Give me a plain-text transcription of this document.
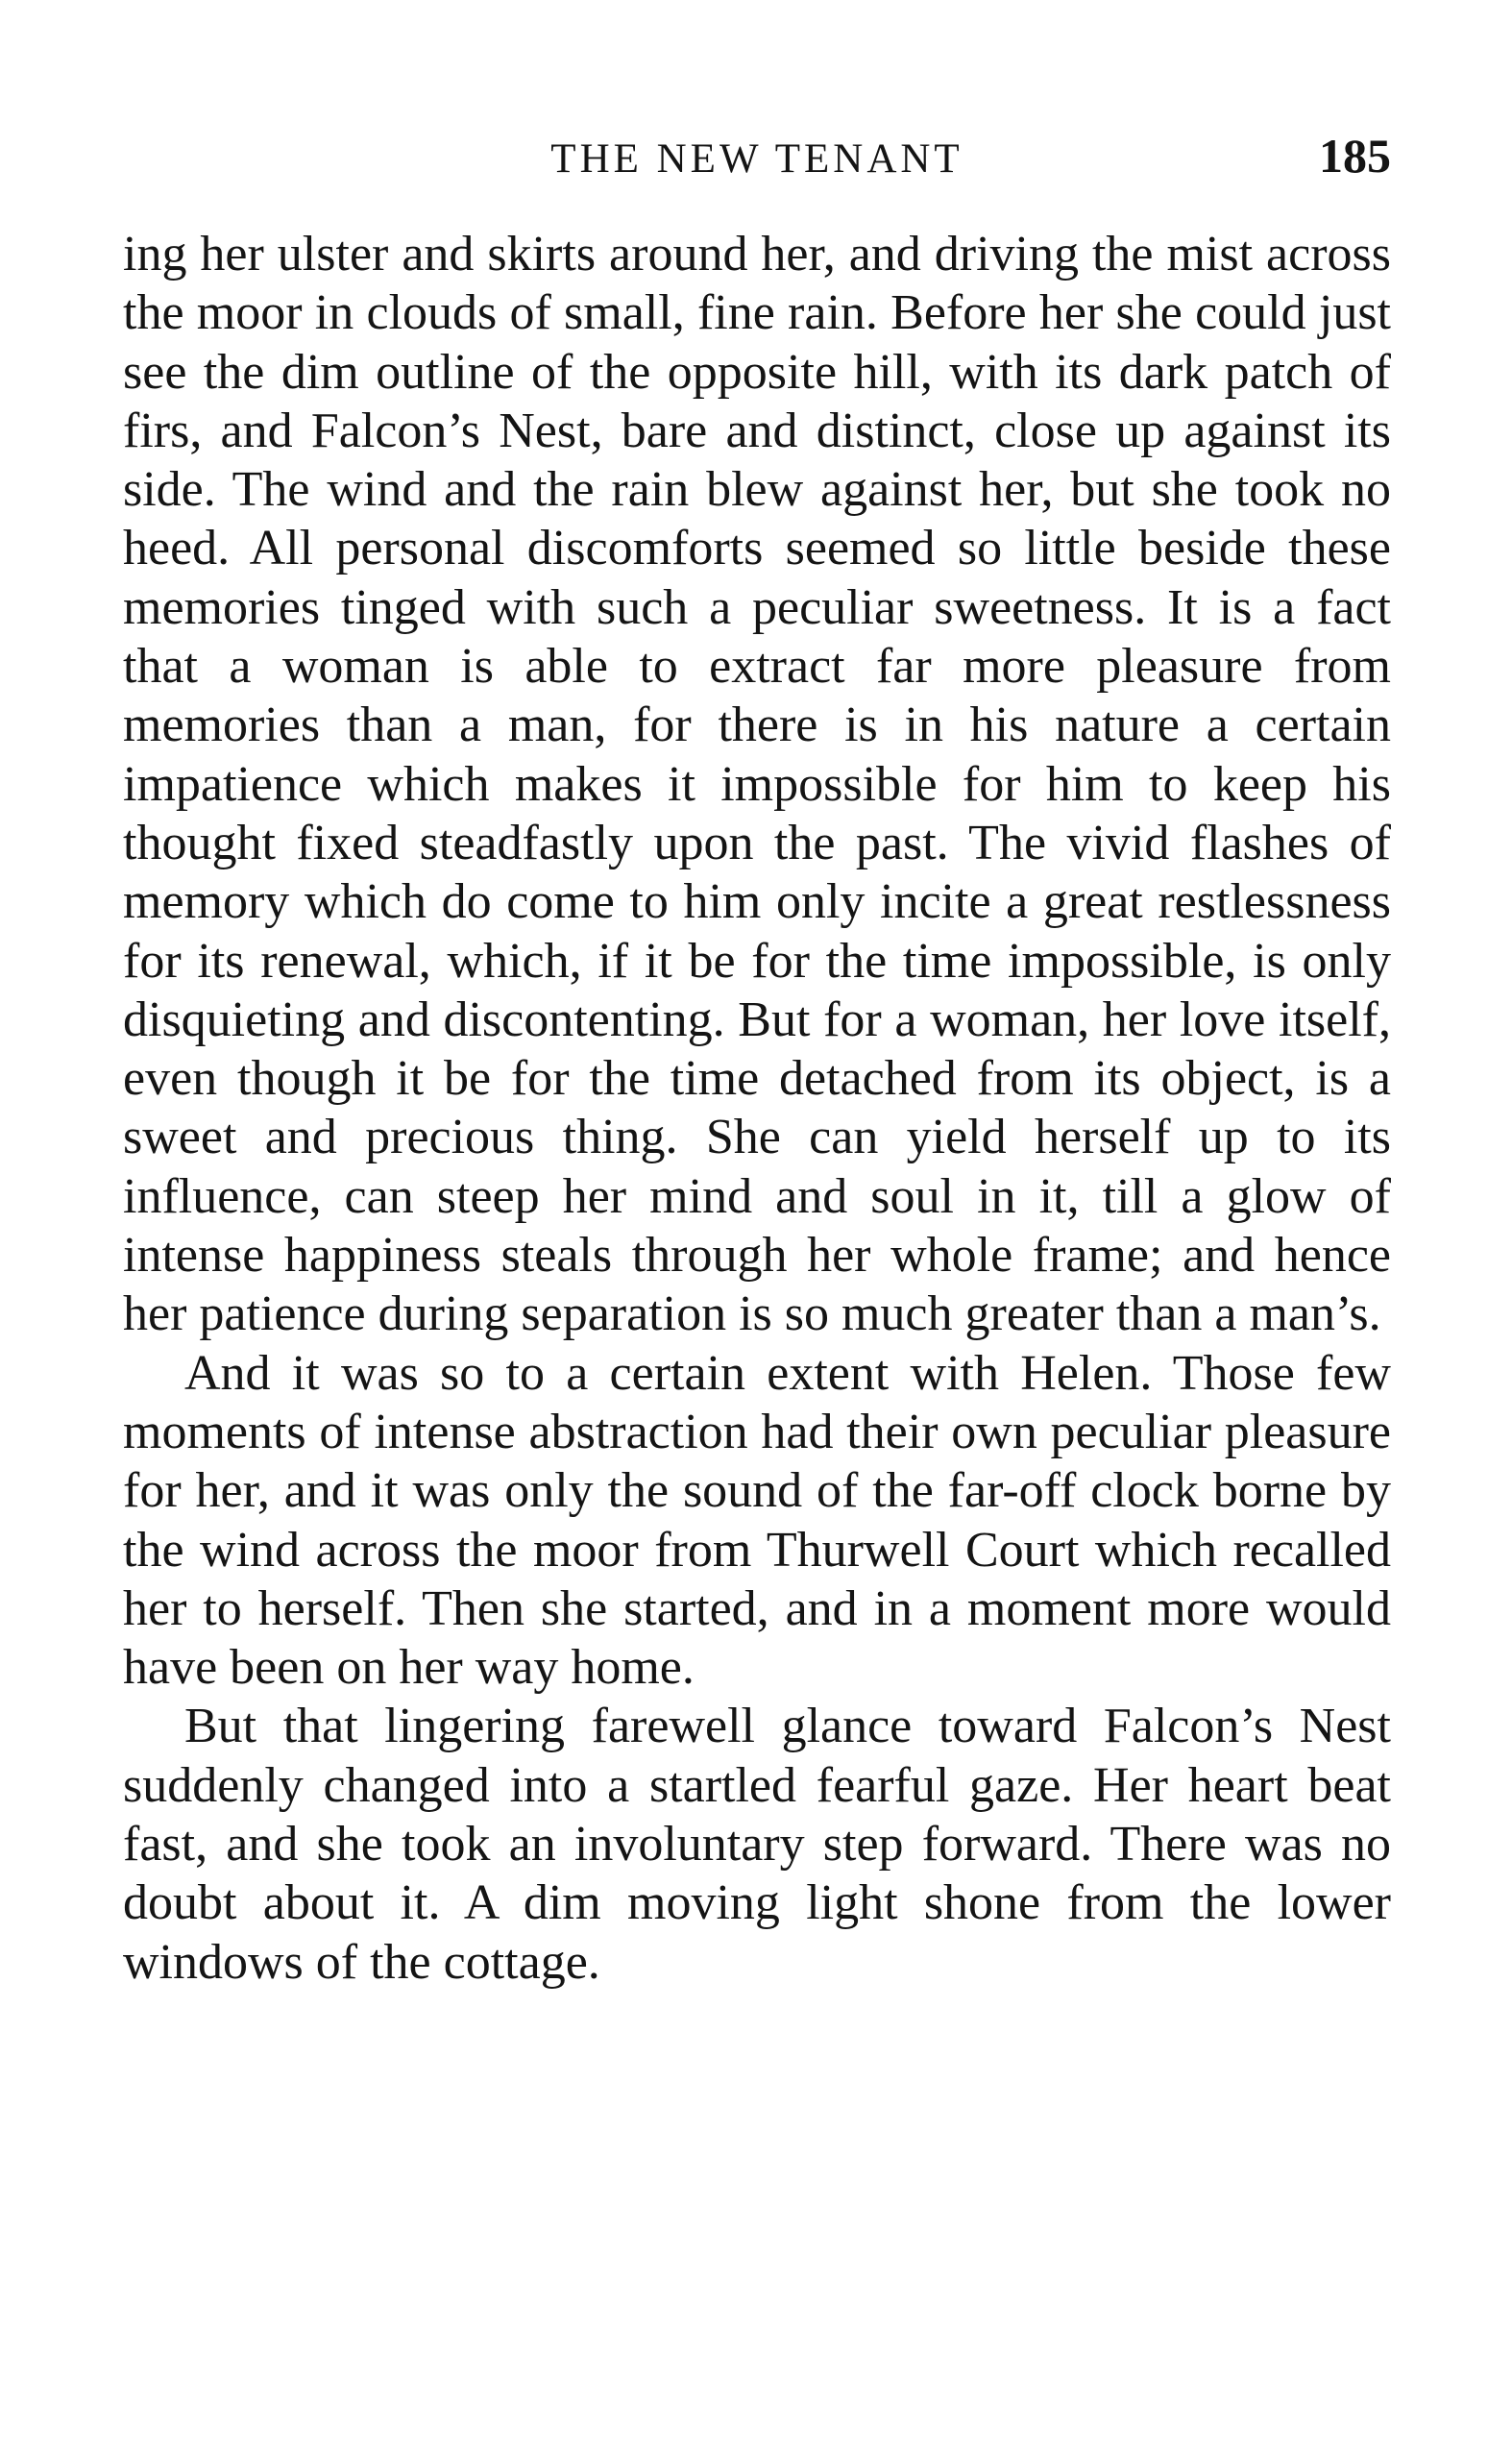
THE NEW TENANT	185

ing her ulster and skirts around her, and driving the mist across the moor in clouds of small, fine rain. Before her she could just see the dim outline of the opposite hill, with its dark patch of firs, and Falcon’s Nest, bare and distinct, close up against its side. The wind and the rain blew against her, but she took no heed. All personal discomforts seemed so little beside these memories tinged with such a peculiar sweetness. It is a fact that a woman is able to extract far more pleasure from memories than a man, for there is in his nature a certain impatience which makes it impossible for him to keep his thought fixed steadfastly upon the past. The vivid flashes of memory which do come to him only incite a great restlessness for its renewal, which, if it be for the time impossible, is only disquieting and discontenting. But for a woman, her love itself, even though it be for the time detached from its object, is a sweet and precious thing. She can yield herself up to its influence, can steep her mind and soul in it, till a glow of intense happiness steals through her whole frame; and hence her patience during separation is so much greater than a man’s.

And it was so to a certain extent with Helen. Those few moments of intense abstraction had their own peculiar pleasure for her, and it was only the sound of the far-off clock borne by the wind across the moor from Thurwell Court which recalled her to herself. Then she started, and in a moment more would have been on her way home.

But that lingering farewell glance toward Falcon’s Nest suddenly changed into a startled fearful gaze. Her heart beat fast, and she took an involuntary step forward. There was no doubt about it. A dim moving light shone from the lower windows of the cottage.
